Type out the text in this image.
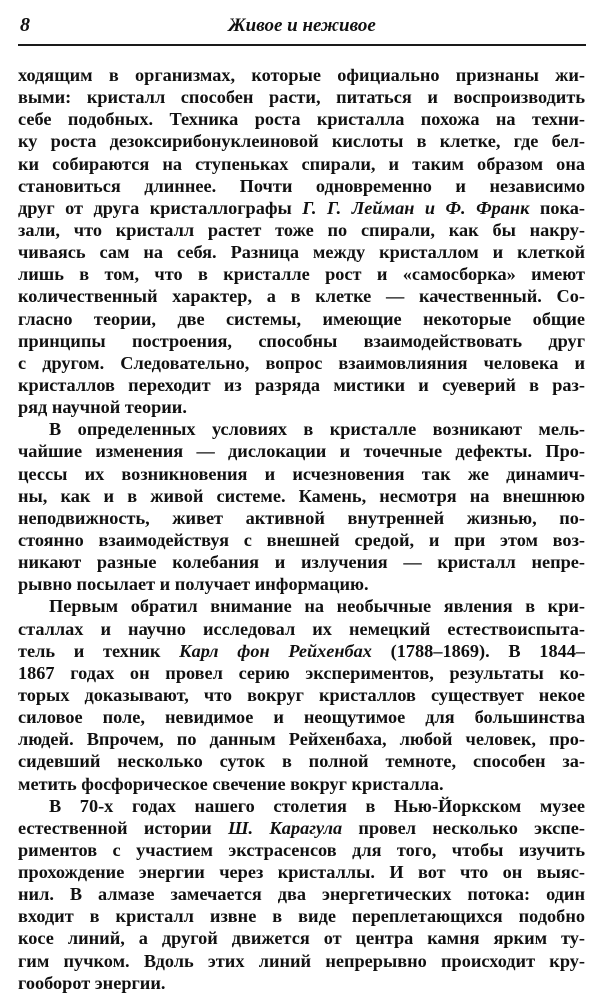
8	Живое и неживое
ходящим в организмах, которые официально признаны жи-
выми: кристалл способен расти, питаться и воспроизводить
себе подобных. Техника роста кристалла похожа на техни-
ку роста дезоксирибонуклеиновой кислоты в клетке, где бел-
ки собираются на ступеньках спирали, и таким образом она
становиться длиннее. Почти одновременно и независимо
друг от друга кристаллографы Г. Г. Лейман и Ф. Франк пока-
зали, что кристалл растет тоже по спирали, как бы накру-
чиваясь сам на себя. Разница между кристаллом и клеткой
лишь в том, что в кристалле рост и «самосборка» имеют
количественный характер, а в клетке — качественный. Со-
гласно теории, две системы, имеющие некоторые общие
принципы построения, способны взаимодействовать друг
с другом. Следовательно, вопрос взаимовлияния человека и
кристаллов переходит из разряда мистики и суеверий в раз-
ряд научной теории.
В определенных условиях в кристалле возникают мель-
чайшие изменения — дислокации и точечные дефекты. Про-
цессы их возникновения и исчезновения так же динамич-
ны, как и в живой системе. Камень, несмотря на внешнюю
неподвижность, живет активной внутренней жизнью, по-
стоянно взаимодействуя с внешней средой, и при этом воз-
никают разные колебания и излучения — кристалл непре-
рывно посылает и получает информацию.
Первым обратил внимание на необычные явления в кри-
сталлах и научно исследовал их немецкий естествоиспыта-
тель и техник Карл фон Рейхенбах (1788–1869). В 1844–
1867 годах он провел серию экспериментов, результаты ко-
торых доказывают, что вокруг кристаллов существует некое
силовое поле, невидимое и неощутимое для большинства
людей. Впрочем, по данным Рейхенбаха, любой человек, про-
сидевший несколько суток в полной темноте, способен за-
метить фосфорическое свечение вокруг кристалла.
В 70-х годах нашего столетия в Нью-Йоркском музее
естественной истории Ш. Карагула провел несколько экспе-
риментов с участием экстрасенсов для того, чтобы изучить
прохождение энергии через кристаллы. И вот что он выяс-
нил. В алмазе замечается два энергетических потока: один
входит в кристалл извне в виде переплетающихся подобно
косе линий, а другой движется от центра камня ярким ту-
гим пучком. Вдоль этих линий непрерывно происходит кру-
гооборот энергии.
